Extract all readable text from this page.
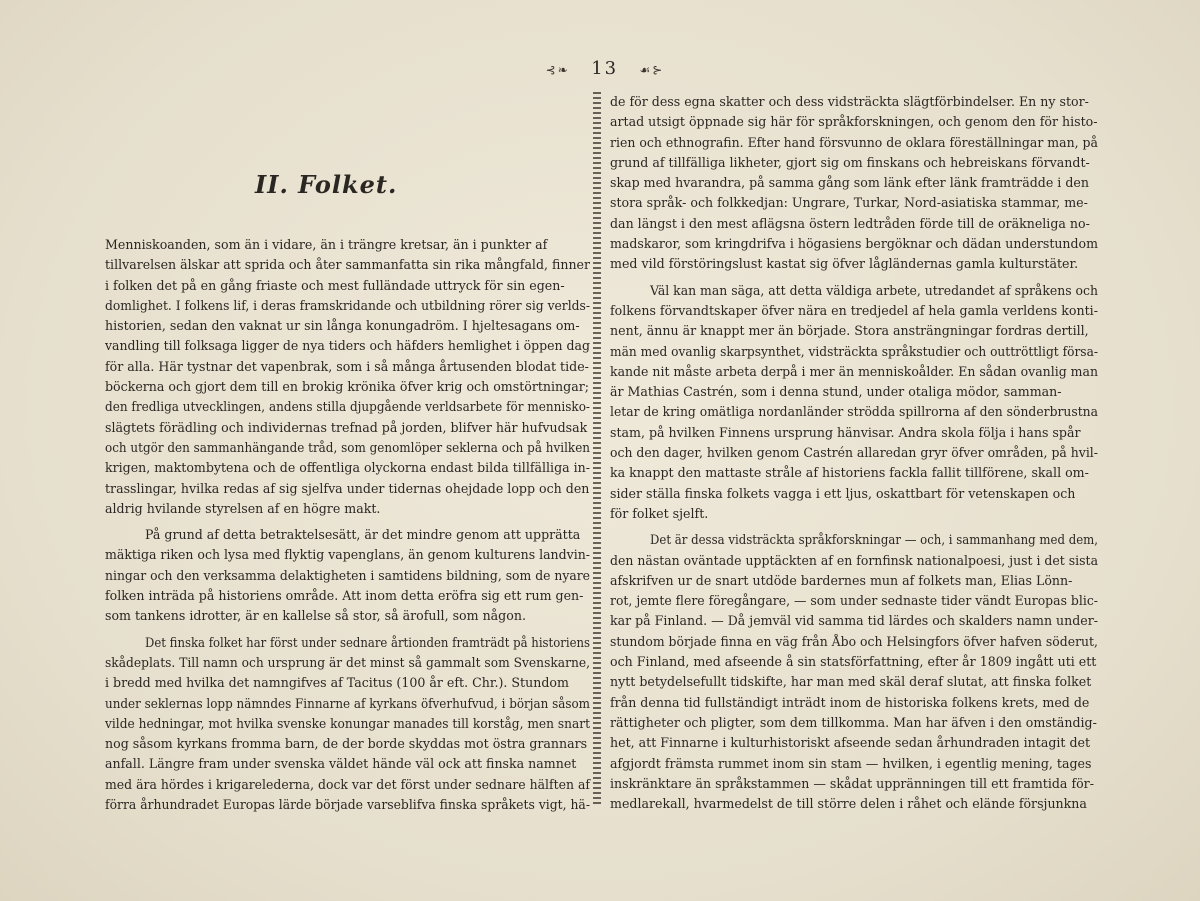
⊰❧ 13 ☙⊱
II. Folket.
Menniskoanden, som än i vidare, än i trängre kretsar, än i punkter af
tillvarelsen älskar att sprida och åter sammanfatta sin rika mångfald, finner
i folken det på en gång friaste och mest fulländade uttryck för sin egen-
domlighet. I folkens lif, i deras framskridande och utbildning rörer sig verlds-
historien, sedan den vaknat ur sin långa konungadröm. I hjeltesagans om-
vandling till folksaga ligger de nya tiders och häfders hemlighet i öppen dag
för alla. Här tystnar det vapenbrak, som i så många årtusenden blodat tide-
böckerna och gjort dem till en brokig krönika öfver krig och omstörtningar;
den fredliga utvecklingen, andens stilla djupgående verldsarbete för mennisko-
slägtets förädling och individernas trefnad på jorden, blifver här hufvudsak
och utgör den sammanhängande tråd, som genomlöper seklerna och på hvilken
krigen, maktombytena och de offentliga olyckorna endast bilda tillfälliga in-
trasslingar, hvilka redas af sig sjelfva under tidernas ohejdade lopp och den
aldrig hvilande styrelsen af en högre makt.
På grund af detta betraktelsesätt, är det mindre genom att upprätta
mäktiga riken och lysa med flyktig vapenglans, än genom kulturens landvin-
ningar och den verksamma delaktigheten i samtidens bildning, som de nyare
folken inträda på historiens område. Att inom detta eröfra sig ett rum gen-
som tankens idrotter, är en kallelse så stor, så ärofull, som någon.
Det finska folket har först under sednare årtionden framträdt på historiens
skådeplats. Till namn och ursprung är det minst så gammalt som Svenskarne,
i bredd med hvilka det namngifves af Tacitus (100 år eft. Chr.). Stundom
under seklernas lopp nämndes Finnarne af kyrkans öfverhufvud, i början såsom
vilde hedningar, mot hvilka svenske konungar manades till korståg, men snart
nog såsom kyrkans fromma barn, de der borde skyddas mot östra grannars
anfall. Längre fram under svenska väldet hände väl ock att finska namnet
med ära hördes i krigarelederna, dock var det först under sednare hälften af
förra århundradet Europas lärde började varseblifva finska språkets vigt, hä-
de för dess egna skatter och dess vidsträckta slägtförbindelser. En ny stor-
artad utsigt öppnade sig här för språkforskningen, och genom den för histo-
rien och ethnografin. Efter hand försvunno de oklara föreställningar man, på
grund af tillfälliga likheter, gjort sig om finskans och hebreiskans förvandt-
skap med hvarandra, på samma gång som länk efter länk framträdde i den
stora språk- och folkkedjan: Ungrare, Turkar, Nord-asiatiska stammar, me-
dan längst i den mest aflägsna östern ledtråden förde till de oräkneliga no-
madskaror, som kringdrifva i högasiens bergöknar och dädan understundom
med vild förstöringslust kastat sig öfver lågländernas gamla kulturstäter.
Väl kan man säga, att detta väldiga arbete, utredandet af språkens och
folkens förvandtskaper öfver nära en tredjedel af hela gamla verldens konti-
nent, ännu är knappt mer än började. Stora ansträngningar fordras dertill,
män med ovanlig skarpsynthet, vidsträckta språkstudier och outtröttligt försa-
kande nit måste arbeta derpå i mer än menniskoålder. En sådan ovanlig man
är Mathias Castrén, som i denna stund, under otaliga mödor, samman-
letar de kring omätliga nordanländer strödda spillrorna af den sönderbrustna
stam, på hvilken Finnens ursprung hänvisar. Andra skola följa i hans spår
och den dager, hvilken genom Castrén allaredan gryr öfver områden, på hvil-
ka knappt den mattaste stråle af historiens fackla fallit tillförene, skall om-
sider ställa finska folkets vagga i ett ljus, oskattbart för vetenskapen och
för folket sjelft.
Det är dessa vidsträckta språkforskningar — och, i sammanhang med dem,
den nästan oväntade upptäckten af en fornfinsk nationalpoesi, just i det sista
afskrifven ur de snart utdöde bardernes mun af folkets man, Elias Lönn-
rot, jemte flere föregångare, — som under sednaste tider vändt Europas blic-
kar på Finland. — Då jemväl vid samma tid lärdes och skalders namn under-
stundom började finna en väg från Åbo och Helsingfors öfver hafven söderut,
och Finland, med afseende å sin statsförfattning, efter år 1809 ingått uti ett
nytt betydelsefullt tidskifte, har man med skäl deraf slutat, att finska folket
från denna tid fullständigt inträdt inom de historiska folkens krets, med de
rättigheter och pligter, som dem tillkomma. Man har äfven i den omständig-
het, att Finnarne i kulturhistoriskt afseende sedan århundraden intagit det
afgjordt främsta rummet inom sin stam — hvilken, i egentlig mening, tages
inskränktare än språkstammen — skådat uppränningen till ett framtida för-
medlarekall, hvarmedelst de till större delen i råhet och elände försjunkna
